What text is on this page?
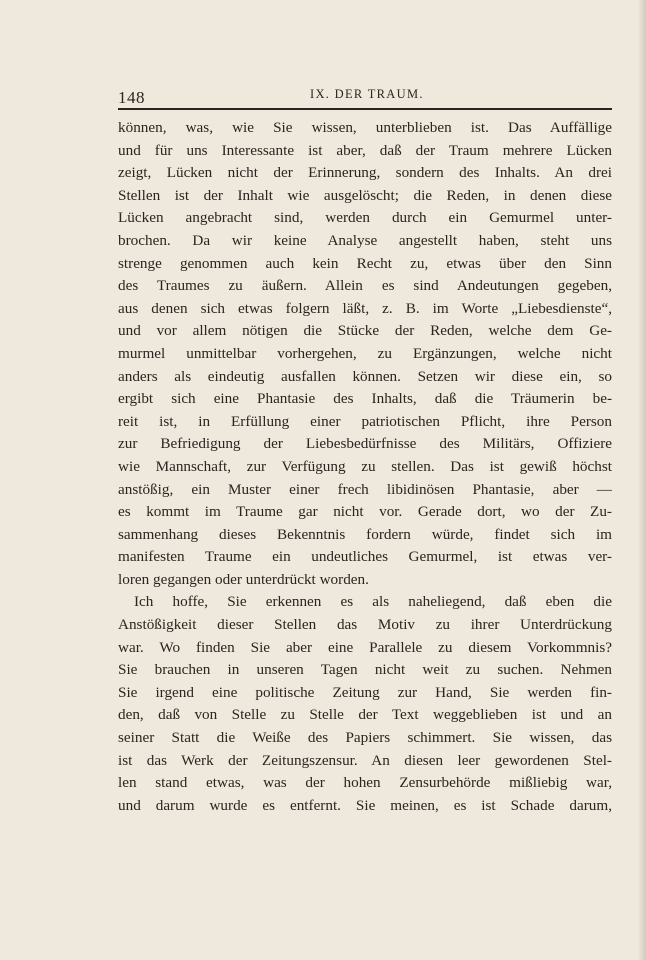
148	IX. DER TRAUM.
können, was, wie Sie wissen, unterblieben ist. Das Auffällige
und für uns Interessante ist aber, daß der Traum mehrere Lücken
zeigt, Lücken nicht der Erinnerung, sondern des Inhalts. An drei
Stellen ist der Inhalt wie ausgelöscht; die Reden, in denen diese
Lücken angebracht sind, werden durch ein Gemurmel unter-
brochen. Da wir keine Analyse angestellt haben, steht uns
strenge genommen auch kein Recht zu, etwas über den Sinn
des Traumes zu äußern. Allein es sind Andeutungen gegeben,
aus denen sich etwas folgern läßt, z. B. im Worte „Liebesdienste“,
und vor allem nötigen die Stücke der Reden, welche dem Ge-
murmel unmittelbar vorhergehen, zu Ergänzungen, welche nicht
anders als eindeutig ausfallen können. Setzen wir diese ein, so
ergibt sich eine Phantasie des Inhalts, daß die Träumerin be-
reit ist, in Erfüllung einer patriotischen Pflicht, ihre Person
zur Befriedigung der Liebesbedürfnisse des Militärs, Offiziere
wie Mannschaft, zur Verfügung zu stellen. Das ist gewiß höchst
anstößig, ein Muster einer frech libidinösen Phantasie, aber —
es kommt im Traume gar nicht vor. Gerade dort, wo der Zu-
sammenhang dieses Bekenntnis fordern würde, findet sich im
manifesten Traume ein undeutliches Gemurmel, ist etwas ver-
loren gegangen oder unterdrückt worden.
Ich hoffe, Sie erkennen es als naheliegend, daß eben die
Anstößigkeit dieser Stellen das Motiv zu ihrer Unterdrückung
war. Wo finden Sie aber eine Parallele zu diesem Vorkommnis?
Sie brauchen in unseren Tagen nicht weit zu suchen. Nehmen
Sie irgend eine politische Zeitung zur Hand, Sie werden fin-
den, daß von Stelle zu Stelle der Text weggeblieben ist und an
seiner Statt die Weiße des Papiers schimmert. Sie wissen, das
ist das Werk der Zeitungszensur. An diesen leer gewordenen Stel-
len stand etwas, was der hohen Zensurbehörde mißliebig war,
und darum wurde es entfernt. Sie meinen, es ist Schade darum,
